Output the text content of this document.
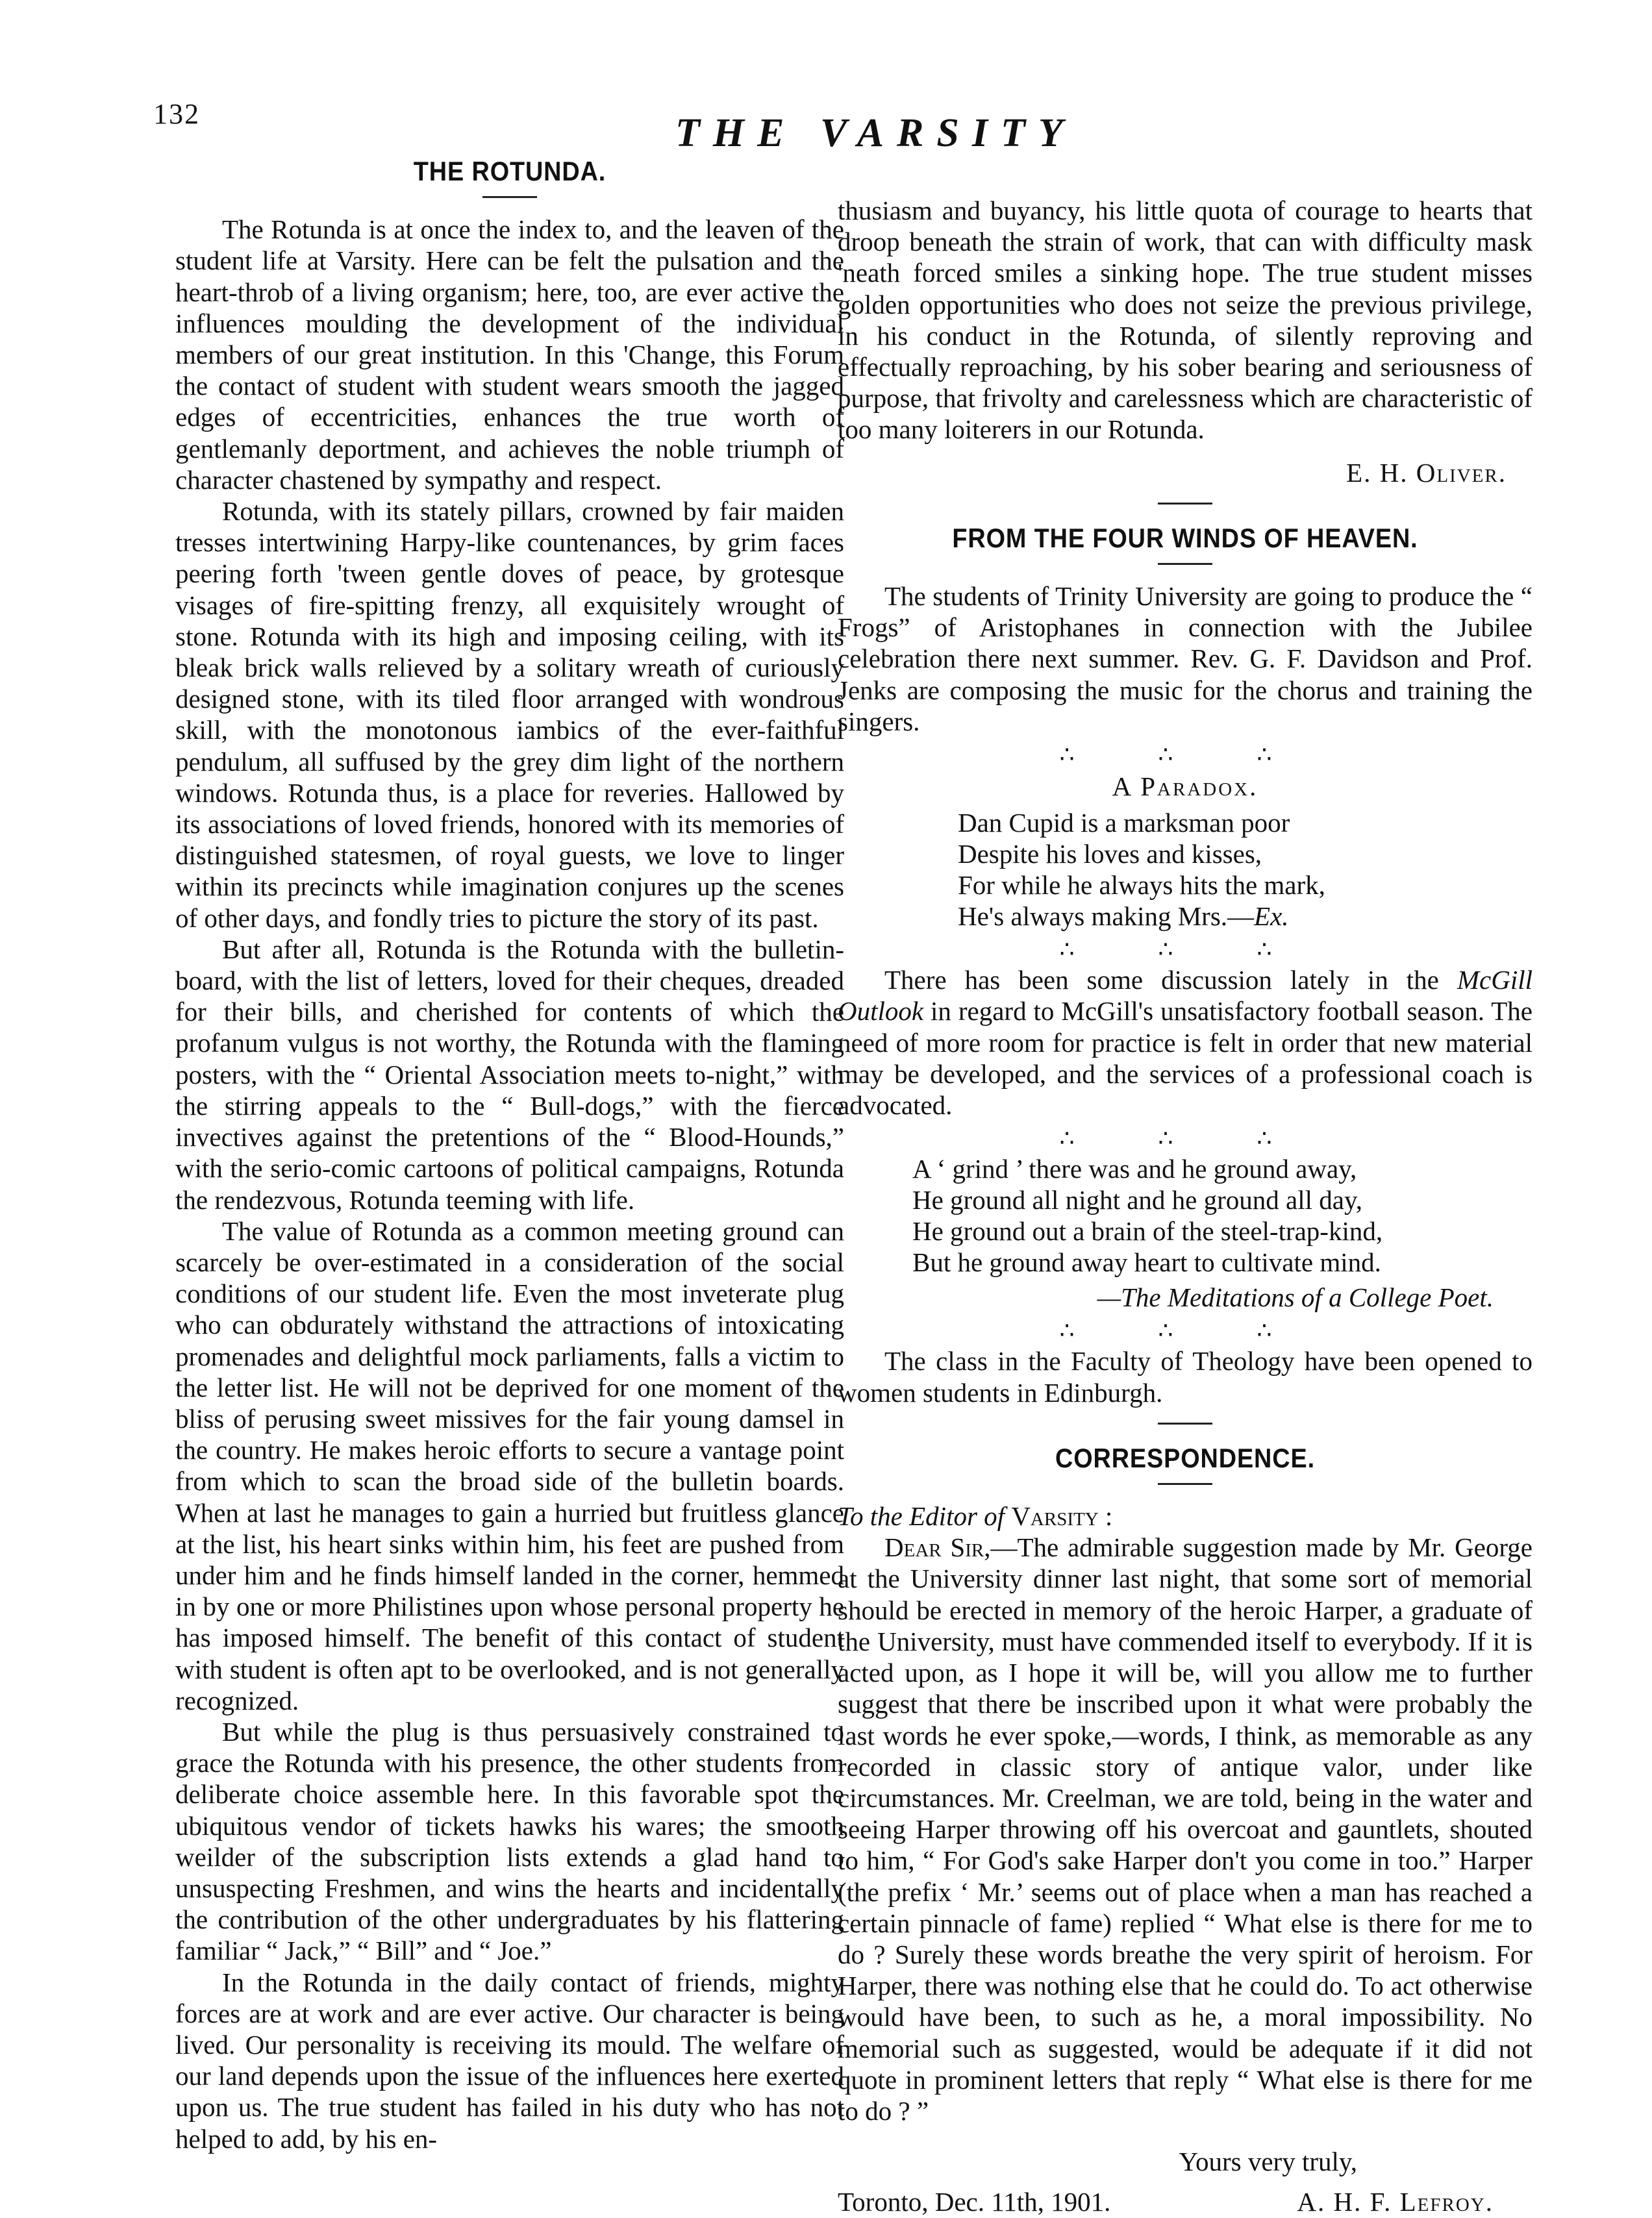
132	THE VARSITY
THE ROTUNDA.

The Rotunda is at once the index to, and the leaven of the student life at Varsity. Here can be felt the pulsation and the heart-throb of a living organism; here, too, are ever active the influences moulding the development of the individual members of our great institution. In this 'Change, this Forum the contact of student with student wears smooth the jagged edges of eccentricities, enhances the true worth of gentlemanly deportment, and achieves the noble triumph of character chastened by sympathy and respect.

Rotunda, with its stately pillars, crowned by fair maiden tresses intertwining Harpy-like countenances, by grim faces peering forth 'tween gentle doves of peace, by grotesque visages of fire-spitting frenzy, all exquisitely wrought of stone. Rotunda with its high and imposing ceiling, with its bleak brick walls relieved by a solitary wreath of curiously designed stone, with its tiled floor arranged with wondrous skill, with the monotonous iambics of the ever-faithful pendulum, all suffused by the grey dim light of the northern windows. Rotunda thus, is a place for reveries. Hallowed by its associations of loved friends, honored with its memories of distinguished statesmen, of royal guests, we love to linger within its precincts while imagination conjures up the scenes of other days, and fondly tries to picture the story of its past.

But after all, Rotunda is the Rotunda with the bulletin-board, with the list of letters, loved for their cheques, dreaded for their bills, and cherished for contents of which the profanum vulgus is not worthy, the Rotunda with the flaming posters, with the “ Oriental Association meets to-night,” with the stirring appeals to the “ Bull-dogs,” with the fierce invectives against the pretentions of the “ Blood-Hounds,” with the serio-comic cartoons of political campaigns, Rotunda the rendezvous, Rotunda teeming with life.

The value of Rotunda as a common meeting ground can scarcely be over-estimated in a consideration of the social conditions of our student life. Even the most inveterate plug who can obdurately withstand the attractions of intoxicating promenades and delightful mock parliaments, falls a victim to the letter list. He will not be deprived for one moment of the bliss of perusing sweet missives for the fair young damsel in the country. He makes heroic efforts to secure a vantage point from which to scan the broad side of the bulletin boards. When at last he manages to gain a hurried but fruitless glance at the list, his heart sinks within him, his feet are pushed from under him and he finds himself landed in the corner, hemmed in by one or more Philistines upon whose personal property he has imposed himself. The benefit of this contact of student with student is often apt to be overlooked, and is not generally recognized.

But while the plug is thus persuasively constrained to grace the Rotunda with his presence, the other students from deliberate choice assemble here. In this favorable spot the ubiquitous vendor of tickets hawks his wares; the smooth weilder of the subscription lists extends a glad hand to unsuspecting Freshmen, and wins the hearts and incidentally the contribution of the other undergraduates by his flattering familiar “ Jack,” “ Bill” and “ Joe.”

In the Rotunda in the daily contact of friends, mighty forces are at work and are ever active. Our character is being lived. Our personality is receiving its mould. The welfare of our land depends upon the issue of the influences here exerted upon us. The true student has failed in his duty who has not helped to add, by his en-

thusiasm and buyancy, his little quota of courage to hearts that droop beneath the strain of work, that can with difficulty mask 'neath forced smiles a sinking hope. The true student misses golden opportunities who does not seize the previous privilege, in his conduct in the Rotunda, of silently reproving and effectually reproaching, by his sober bearing and seriousness of purpose, that frivolty and carelessness which are characteristic of too many loiterers in our Rotunda.

E. H. Oliver.
FROM THE FOUR WINDS OF HEAVEN.

The students of Trinity University are going to produce the “ Frogs” of Aristophanes in connection with the Jubilee celebration there next summer. Rev. G. F. Davidson and Prof. Jenks are composing the music for the chorus and training the singers.

∴ ∴ ∴
A Paradox.
Dan Cupid is a marksman poor
Despite his loves and kisses,
For while he always hits the mark,
He's always making Mrs.—Ex.
∴ ∴ ∴

There has been some discussion lately in the McGill Outlook in regard to McGill's unsatisfactory football season. The need of more room for practice is felt in order that new material may be developed, and the services of a professional coach is advocated.

∴ ∴ ∴
A ‘ grind ’ there was and he ground away,
He ground all night and he ground all day,
He ground out a brain of the steel-trap-kind,
But he ground away heart to cultivate mind.
—The Meditations of a College Poet.
∴ ∴ ∴

The class in the Faculty of Theology have been opened to women students in Edinburgh.

CORRESPONDENCE.

To the Editor of Varsity :

Dear Sir,—The admirable suggestion made by Mr. George at the University dinner last night, that some sort of memorial should be erected in memory of the heroic Harper, a graduate of the University, must have commended itself to everybody. If it is acted upon, as I hope it will be, will you allow me to further suggest that there be inscribed upon it what were probably the last words he ever spoke,—words, I think, as memorable as any recorded in classic story of antique valor, under like circumstances. Mr. Creelman, we are told, being in the water and seeing Harper throwing off his overcoat and gauntlets, shouted to him, “ For God's sake Harper don't you come in too.” Harper (the prefix ‘ Mr.’ seems out of place when a man has reached a certain pinnacle of fame) replied “ What else is there for me to do ? Surely these words breathe the very spirit of heroism. For Harper, there was nothing else that he could do. To act otherwise would have been, to such as he, a moral impossibility. No memorial such as suggested, would be adequate if it did not quote in prominent letters that reply “ What else is there for me to do ? ”

Yours very truly,
Toronto, Dec. 11th, 1901.	A. H. F. Lefroy.
